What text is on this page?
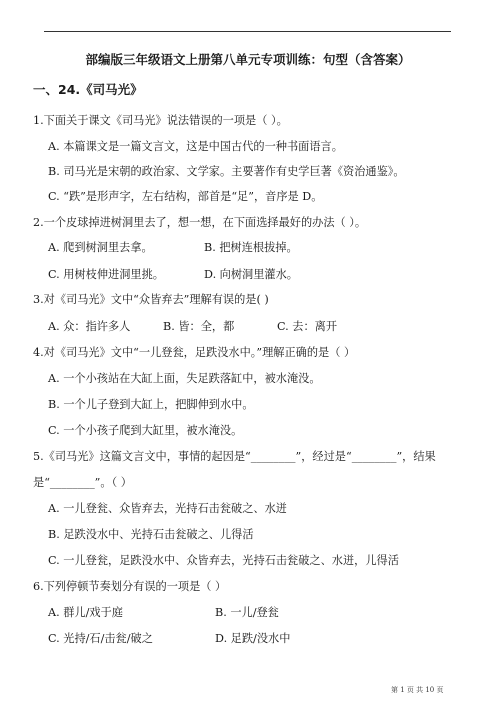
部编版三年级语文上册第八单元专项训练：句型（含答案）
一、24.《司马光》
1.下面关于课文《司马光》说法错误的一项是（ ）。
A. 本篇课文是一篇文言文，这是中国古代的一种书面语言。
B. 司马光是宋朝的政治家、文学家。主要著作有史学巨著《资治通鉴》。
C. “跌”是形声字，左右结构，部首是“足”，音序是 D。
2.一个皮球掉进树洞里去了，想一想，在下面选择最好的办法（ ）。
A. 爬到树洞里去拿。	B. 把树连根拔掉。
C. 用树枝伸进洞里挑。	D. 向树洞里灌水。
3.对《司马光》文中“众皆弃去”理解有误的是( )
A. 众：指许多人	B. 皆：全，都	C. 去：离开
4.对《司马光》文中“一儿登瓮，足跌没水中。”理解正确的是（ ）
A. 一个小孩站在大缸上面，失足跌落缸中，被水淹没。
B. 一个儿子登到大缸上，把脚伸到水中。
C. 一个小孩子爬到大缸里，被水淹没。
5.《司马光》这篇文言文中，事情的起因是“________”，经过是“________”，结果
是“________”。（ ）
A. 一儿登瓮、众皆弃去，光持石击瓮破之、水迸
B. 足跌没水中、光持石击瓮破之、儿得活
C. 一儿登瓮，足跌没水中、众皆弃去，光持石击瓮破之、水迸，儿得活
6.下列停顿节奏划分有误的一项是（ ）
A. 群儿/戏于庭	B. 一儿/登瓮
C. 光持/石/击瓮/破之	D. 足跌/没水中
第 1 页 共 10 页
